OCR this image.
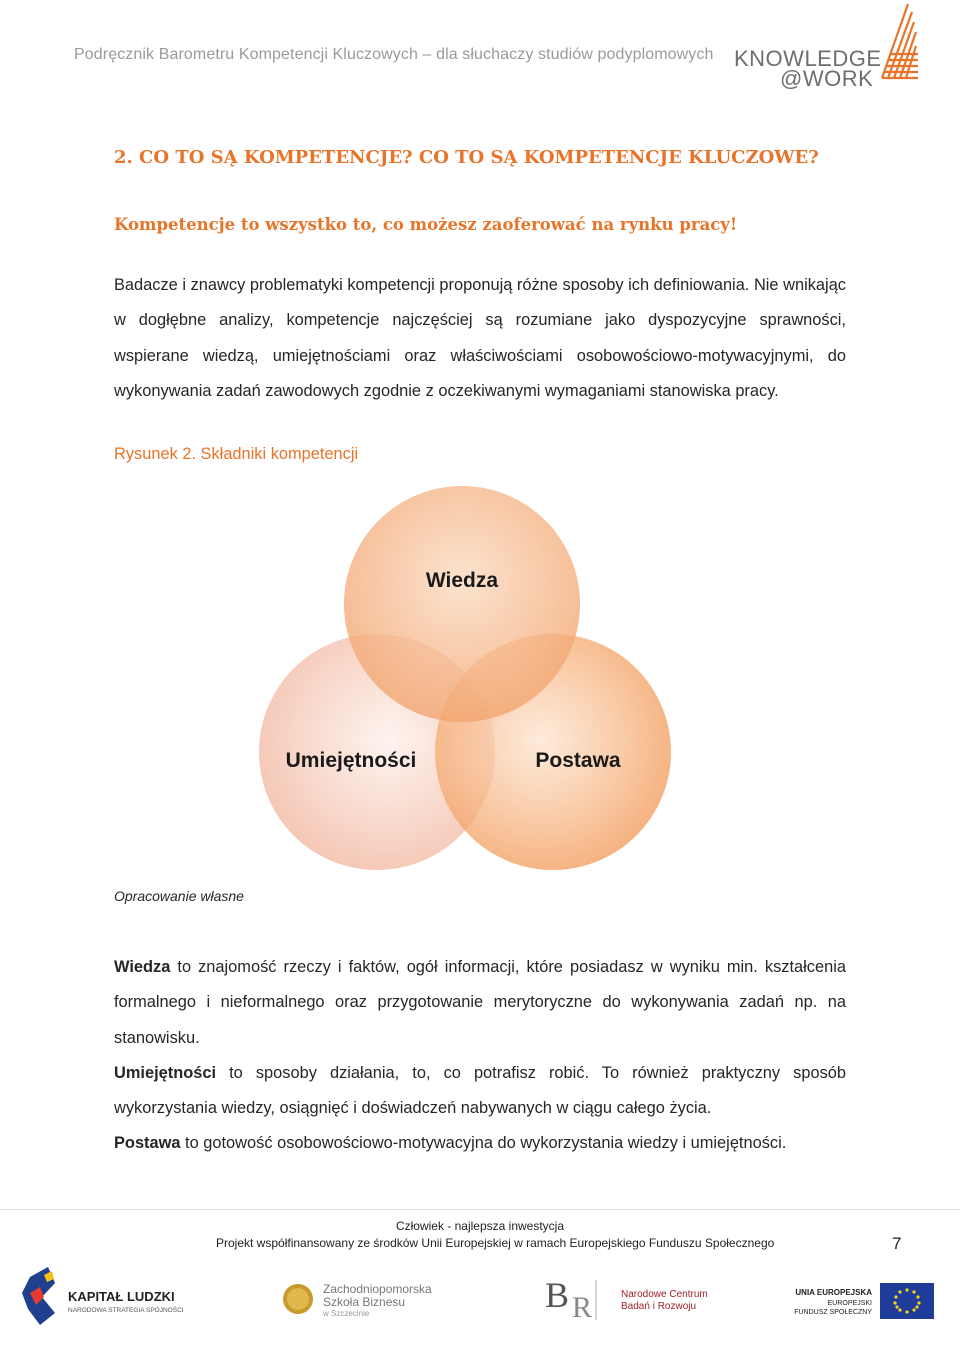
Podręcznik Barometru Kompetencji Kluczowych – dla słuchaczy studiów podyplomowych KNOWLEDGE
@WORK
2. CO TO SĄ KOMPETENCJE? CO TO SĄ KOMPETENCJE KLUCZOWE?
Kompetencje to wszystko to, co możesz zaoferować na rynku pracy!

Badacze i znawcy problematyki kompetencji proponują różne sposoby ich definiowania. Nie wnikając w dogłębne analizy, kompetencje najczęściej są rozumiane jako dyspozycyjne sprawności, wspierane wiedzą, umiejętnościami oraz właściwościami osobowościowo-motywacyjnymi, do wykonywania zadań zawodowych zgodnie z oczekiwanymi wymaganiami stanowiska pracy.

Rysunek 2. Składniki kompetencji
Wiedza
Umiejętności	Postawa
Opracowanie własne

Wiedza to znajomość rzeczy i faktów, ogół informacji, które posiadasz w wyniku min. kształcenia formalnego i nieformalnego oraz przygotowanie merytoryczne do wykonywania zadań np. na stanowisku.

Umiejętności to sposoby działania, to, co potrafisz robić. To również praktyczny sposób wykorzystania wiedzy, osiągnięć i doświadczeń nabywanych w ciągu całego życia.

Postawa to gotowość osobowościowo-motywacyjna do wykorzystania wiedzy i umiejętności.

Człowiek - najlepsza inwestycja
Projekt współfinansowany ze środków Unii Europejskiej w ramach Europejskiego Funduszu Społecznego	7
KAPITAŁ LUDZKI
NARODOWA STRATEGIA SPÓJNOŚCI
Zachodniopomorska
Szkoła Biznesu
w Szczecinie	B R	Narodowe Centrum
Badań i Rozwoju
UNIA EUROPEJSKA
EUROPEJSKI
FUNDUSZ SPOŁECZNY
